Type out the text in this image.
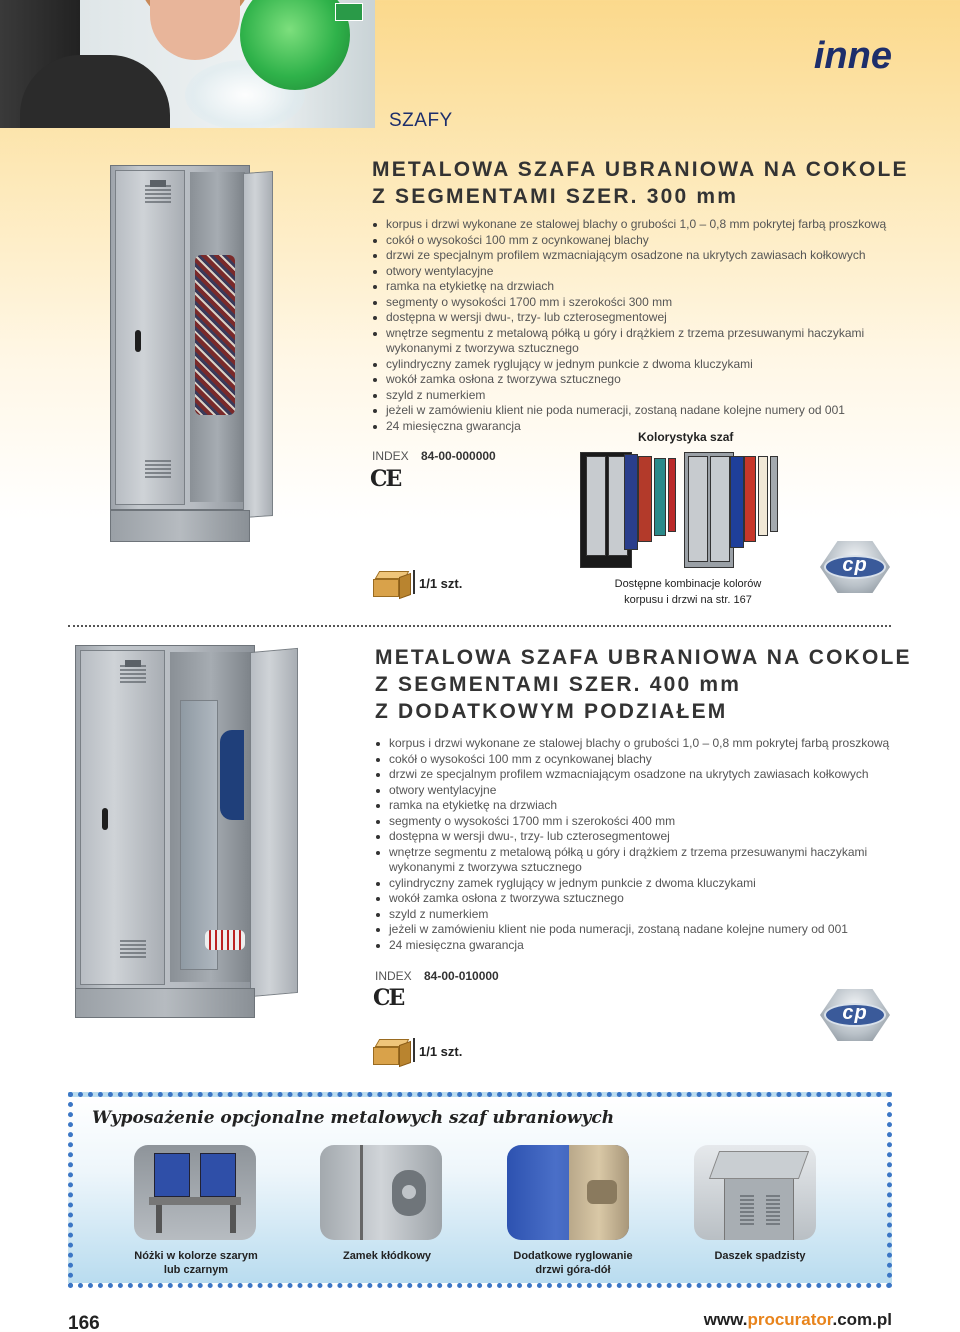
inne
SZAFY
METALOWA SZAFA UBRANIOWA NA COKOLE
Z SEGMENTAMI SZER. 300 mm
korpus i drzwi wykonane ze stalowej blachy o grubości 1,0 – 0,8 mm pokrytej farbą proszkową
cokół o wysokości 100 mm z ocynkowanej blachy
drzwi ze specjalnym profilem wzmacniającym osadzone na ukrytych zawiasach kołkowych
otwory wentylacyjne
ramka na etykietkę na drzwiach
segmenty o wysokości 1700 mm i szerokości 300 mm
dostępna w wersji dwu-, trzy- lub czterosegmentowej
wnętrze segmentu z metalową półką u góry i drążkiem z trzema przesuwanymi haczykami
wykonanymi z tworzywa sztucznego
cylindryczny zamek ryglujący w jednym punkcie z dwoma kluczykami
wokół zamka osłona z tworzywa sztucznego
szyld z numerkiem
jeżeli w zamówieniu klient nie poda numeracji, zostaną nadane kolejne numery od 001
24 miesięczna gwarancja
Kolorystyka szaf
INDEX 84-00-000000
CE
1/1 szt.	Dostępne kombinacje kolorów
korpusu i drzwi na str. 167
cp
METALOWA SZAFA UBRANIOWA NA COKOLE
Z SEGMENTAMI SZER. 400 mm
Z DODATKOWYM PODZIAŁEM
korpus i drzwi wykonane ze stalowej blachy o grubości 1,0 – 0,8 mm pokrytej farbą proszkową
cokół o wysokości 100 mm z ocynkowanej blachy
drzwi ze specjalnym profilem wzmacniającym osadzone na ukrytych zawiasach kołkowych
otwory wentylacyjne
ramka na etykietkę na drzwiach
segmenty o wysokości 1700 mm i szerokości 400 mm
dostępna w wersji dwu-, trzy- lub czterosegmentowej
wnętrze segmentu z metalową półką u góry i drążkiem z trzema przesuwanymi haczykami
wykonanymi z tworzywa sztucznego
cylindryczny zamek ryglujący w jednym punkcie z dwoma kluczykami
wokół zamka osłona z tworzywa sztucznego
szyld z numerkiem
jeżeli w zamówieniu klient nie poda numeracji, zostaną nadane kolejne numery od 001
24 miesięczna gwarancja
INDEX 84-00-010000
CE
cp
1/1 szt.
Wyposażenie opcjonalne metalowych szaf ubraniowych
Nóżki w kolorze szarym
lub czarnym
Zamek kłódkowy	Dodatkowe ryglowanie
drzwi góra-dół
Daszek spadzisty
166	www.procurator.com.pl
